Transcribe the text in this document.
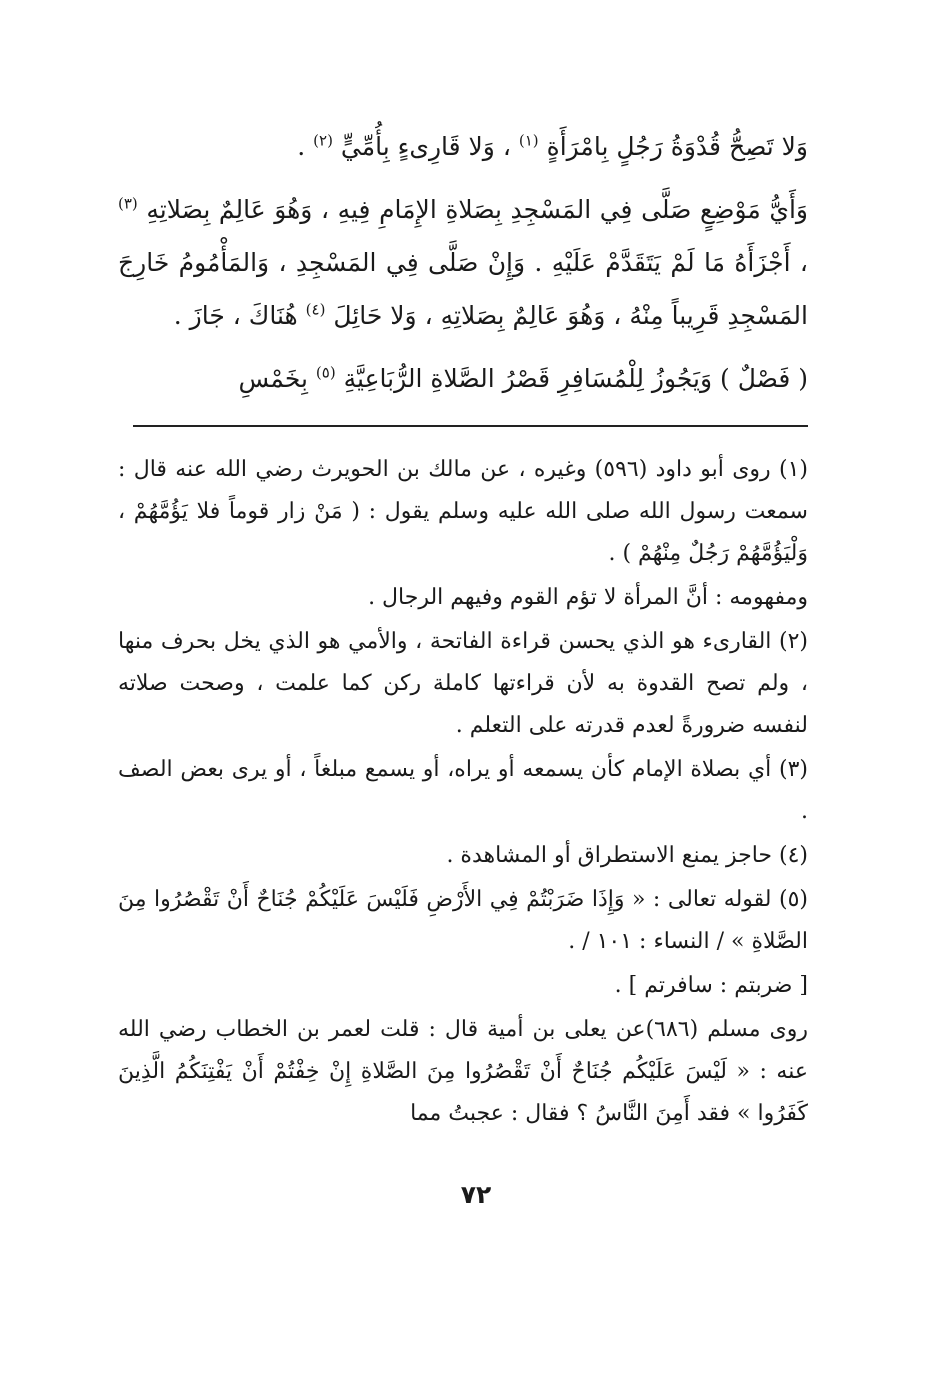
وَلا تَصِحُّ قُدْوَةُ رَجُلٍ بِامْرَأَةٍ $^{(١)}$ ، وَلا قَارِىءٍ بِأُمِّيٍّ $^{(٢)}$ .

وَأَيُّ مَوْضِعٍ صَلَّى فِي المَسْجِدِ بِصَلاةِ الإِمَامِ فِيهِ ، وَهُوَ عَالِمٌ بِصَلاتِهِ $^{(٣)}$ ، أَجْزَأَهُ مَا لَمْ يَتَقَدَّمْ عَلَيْهِ . وَإِنْ صَلَّى فِي المَسْجِدِ ، وَالمَأْمُومُ خَارِجَ المَسْجِدِ قَرِيباً مِنْهُ ، وَهُوَ عَالِمٌ بِصَلاتِهِ ، وَلا حَائِلَ $^{(٤)}$ هُنَاكَ ، جَازَ .

( فَصْلٌ ) وَيَجُوزُ لِلْمُسَافِرِ قَصْرُ الصَّلاةِ الرُّبَاعِيَّةِ $^{(٥)}$ بِخَمْسِ

(١) روى أبو داود (٥٩٦) وغيره ، عن مالك بن الحويرث رضي الله عنه قال : سمعت رسول الله صلى الله عليه وسلم يقول : ( مَنْ زار قوماً فلا يَؤُمَّهُمْ ، وَلْيَؤُمَّهُمْ رَجُلٌ مِنْهُمْ ) .

ومفهومه : أنَّ المرأة لا تؤم القوم وفيهم الرجال .

(٢) القارىء هو الذي يحسن قراءة الفاتحة ، والأمي هو الذي يخل بحرف منها ، ولم تصح القدوة به لأن قراءتها كاملة ركن كما علمت ، وصحت صلاته لنفسه ضرورةً لعدم قدرته على التعلم .

(٣) أي بصلاة الإمام كأن يسمعه أو يراه، أو يسمع مبلغاً ، أو يرى بعض الصف .

(٤) حاجز يمنع الاستطراق أو المشاهدة .

(٥) لقوله تعالى : « وَإِذَا ضَرَبْتُمْ فِي الأَرْضِ فَلَيْسَ عَلَيْكُمْ جُنَاحٌ أَنْ تَقْصُرُوا مِنَ الصَّلاةِ » / النساء : ١٠١ / .

[ ضربتم : سافرتم ] .

روى مسلم (٦٨٦)عن يعلى بن أمية قال : قلت لعمر بن الخطاب رضي الله عنه : « لَيْسَ عَلَيْكُم جُنَاحٌ أَنْ تَقْصُرُوا مِنَ الصَّلاةِ إِنْ خِفْتُمْ أَنْ يَفْتِنَكُمُ الَّذِينَ كَفَرُوا » فقد أَمِنَ النَّاسُ ؟ فقال : عجبتُ مما

٧٢
